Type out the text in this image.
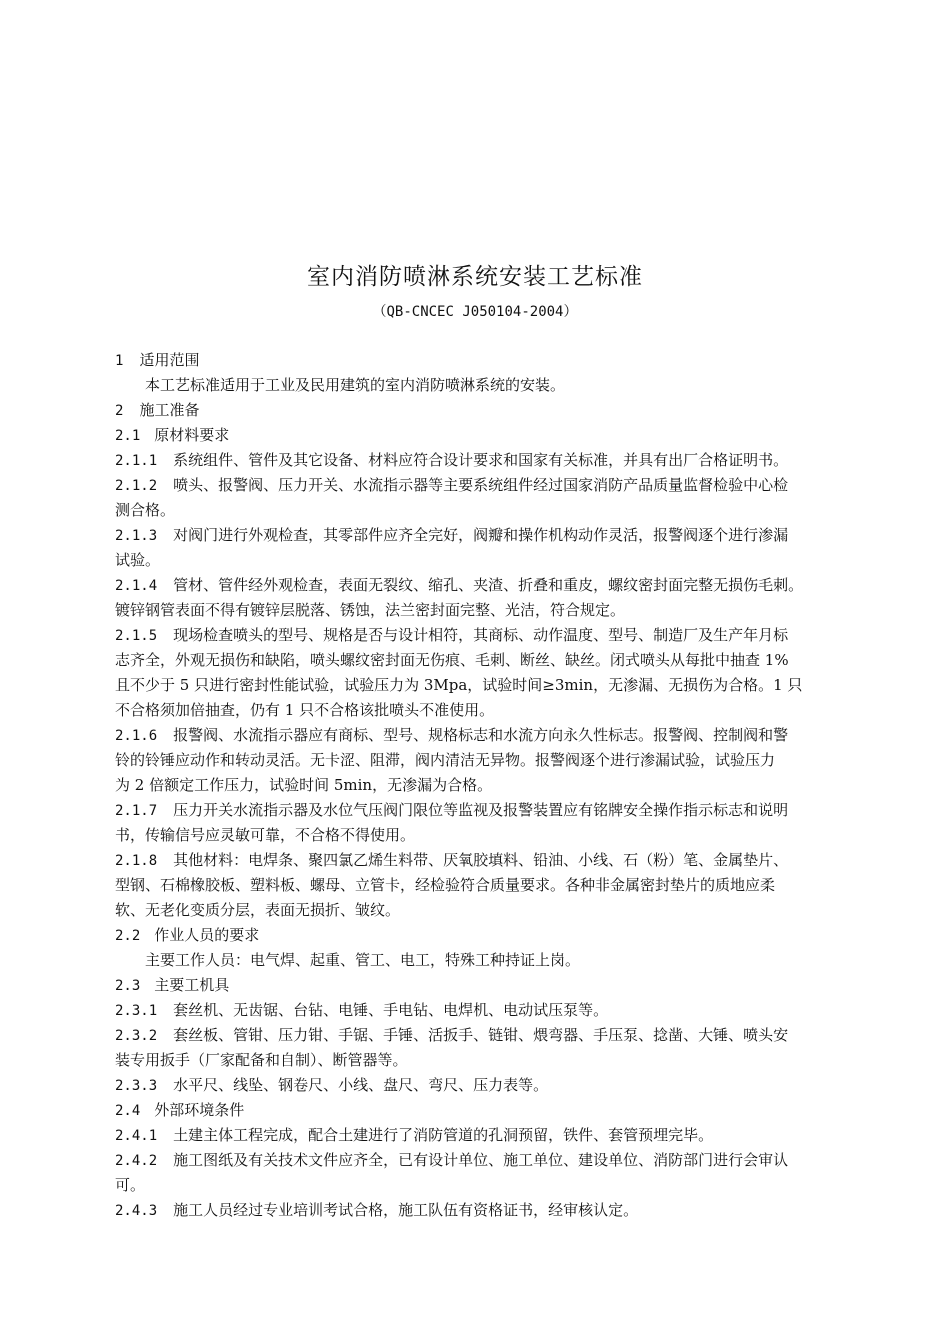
室内消防喷淋系统安装工艺标准
（QB-CNCEC J050104-2004）
1 适用范围
本工艺标准适用于工业及民用建筑的室内消防喷淋系统的安装。
2 施工准备
2.1 原材料要求
2.1.1 系统组件、管件及其它设备、材料应符合设计要求和国家有关标准，并具有出厂合格证明书。
2.1.2 喷头、报警阀、压力开关、水流指示器等主要系统组件经过国家消防产品质量监督检验中心检
测合格。
2.1.3 对阀门进行外观检查，其零部件应齐全完好，阀瓣和操作机构动作灵活，报警阀逐个进行渗漏
试验。
2.1.4 管材、管件经外观检查，表面无裂纹、缩孔、夹渣、折叠和重皮，螺纹密封面完整无损伤毛刺。
镀锌钢管表面不得有镀锌层脱落、锈蚀，法兰密封面完整、光洁，符合规定。
2.1.5 现场检查喷头的型号、规格是否与设计相符，其商标、动作温度、型号、制造厂及生产年月标
志齐全，外观无损伤和缺陷，喷头螺纹密封面无伤痕、毛刺、断丝、缺丝。闭式喷头从每批中抽查 1%
且不少于 5 只进行密封性能试验，试验压力为 3Mpa，试验时间≥3min，无渗漏、无损伤为合格。1 只
不合格须加倍抽查，仍有 1 只不合格该批喷头不准使用。
2.1.6 报警阀、水流指示器应有商标、型号、规格标志和水流方向永久性标志。报警阀、控制阀和警
铃的铃锤应动作和转动灵活。无卡涩、阻滞，阀内清洁无异物。报警阀逐个进行渗漏试验，试验压力
为 2 倍额定工作压力，试验时间 5min，无渗漏为合格。
2.1.7 压力开关水流指示器及水位气压阀门限位等监视及报警装置应有铭牌安全操作指示标志和说明
书，传输信号应灵敏可靠，不合格不得使用。
2.1.8 其他材料：电焊条、聚四氯乙烯生料带、厌氧胶填料、铅油、小线、石（粉）笔、金属垫片、
型钢、石棉橡胶板、塑料板、螺母、立管卡，经检验符合质量要求。各种非金属密封垫片的质地应柔
软、无老化变质分层，表面无损折、皱纹。
2.2 作业人员的要求
主要工作人员：电气焊、起重、管工、电工，特殊工种持证上岗。
2.3 主要工机具
2.3.1 套丝机、无齿锯、台钻、电锤、手电钻、电焊机、电动试压泵等。
2.3.2 套丝板、管钳、压力钳、手锯、手锤、活扳手、链钳、煨弯器、手压泵、捻凿、大锤、喷头安
装专用扳手（厂家配备和自制）、断管器等。
2.3.3 水平尺、线坠、钢卷尺、小线、盘尺、弯尺、压力表等。
2.4 外部环境条件
2.4.1 土建主体工程完成，配合土建进行了消防管道的孔洞预留，铁件、套管预埋完毕。
2.4.2 施工图纸及有关技术文件应齐全，已有设计单位、施工单位、建设单位、消防部门进行会审认
可。
2.4.3 施工人员经过专业培训考试合格，施工队伍有资格证书，经审核认定。
